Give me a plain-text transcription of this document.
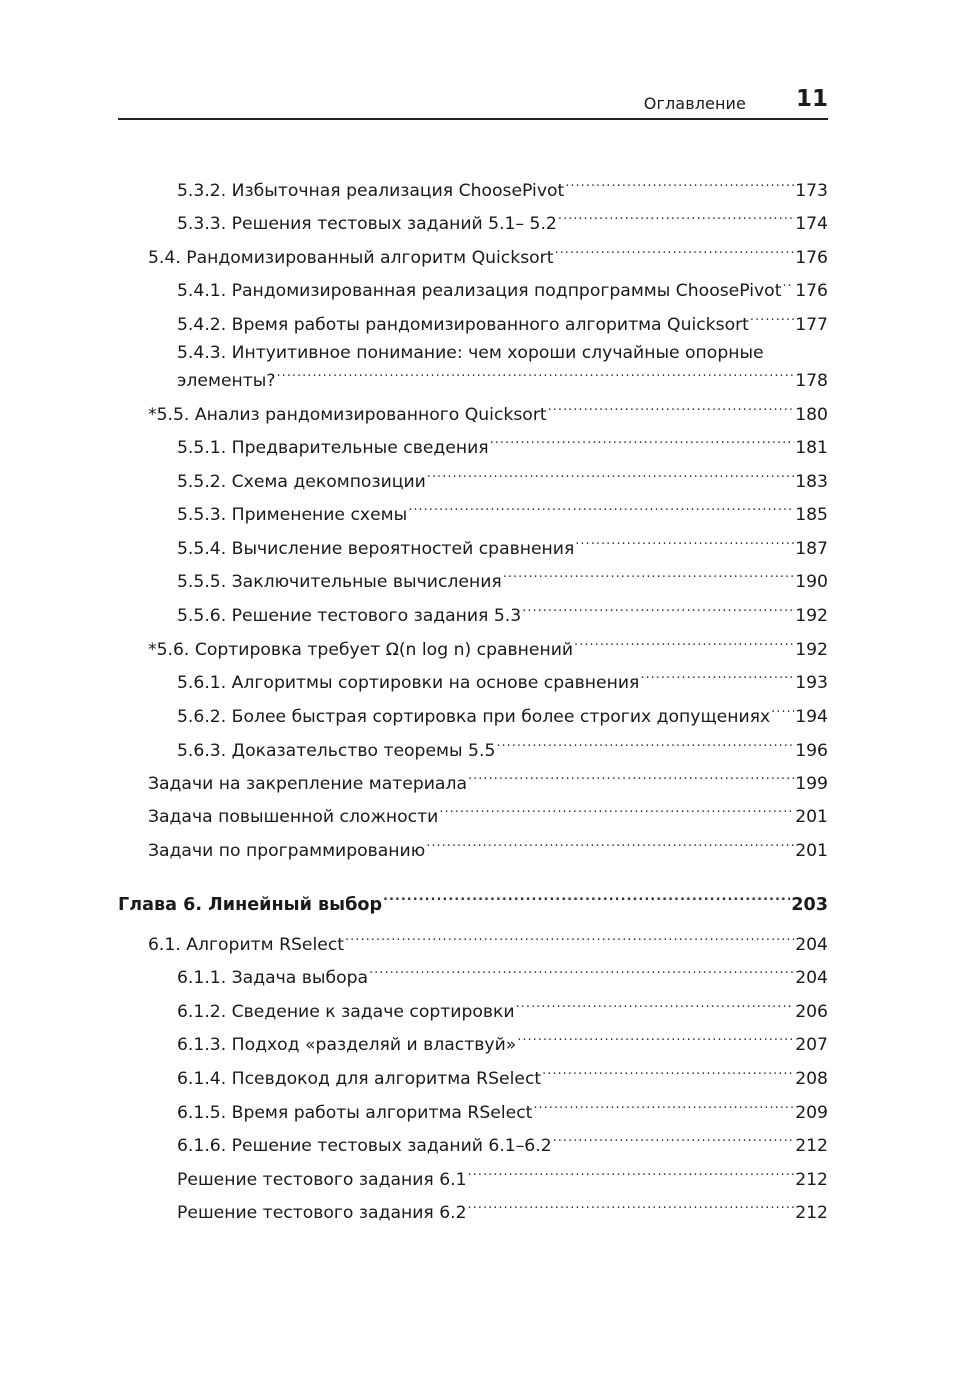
Оглавление 11
5.3.2. Избыточная реализация ChoosePivot .....	173
5.3.3. Решения тестовых заданий 5.1– 5.2 .....	174
5.4. Рандомизированный алгоритм Quicksort .....	176
5.4.1. Рандомизированная реализация подпрограммы ChoosePivot ..... 176
5.4.2. Время работы рандомизированного алгоритма Quicksort .....	177
5.4.3. Интуитивное понимание: чем хороши случайные опорные
элементы? .....	178
*5.5. Анализ рандомизированного Quicksort .....	180
5.5.1. Предварительные сведения .....	181
5.5.2. Схема декомпозиции .....	183
5.5.3. Применение схемы .....	185
5.5.4. Вычисление вероятностей сравнения .....	187
5.5.5. Заключительные вычисления .....	190
5.5.6. Решение тестового задания 5.3 .....	192
*5.6. Сортировка требует Ω(n log n) сравнений .....	192
5.6.1. Алгоритмы сортировки на основе сравнения .....	193
5.6.2. Более быстрая сортировка при более строгих допущениях ..... 194
5.6.3. Доказательство теоремы 5.5 .....	196
Задачи на закрепление материала .....	199
Задача повышенной сложности .....	201
Задачи по программированию .....	201
Глава 6. Линейный выбор .....	203
6.1. Алгоритм RSelect .....	204
6.1.1. Задача выбора .....	204
6.1.2. Сведение к задаче сортировки .....	206
6.1.3. Подход «разделяй и властвуй» .....	207
6.1.4. Псевдокод для алгоритма RSelect .....	208
6.1.5. Время работы алгоритма RSelect .....	209
6.1.6. Решение тестовых заданий 6.1–6.2 .....	212
Решение тестового задания 6.1 .....	212
Решение тестового задания 6.2 .....	212
